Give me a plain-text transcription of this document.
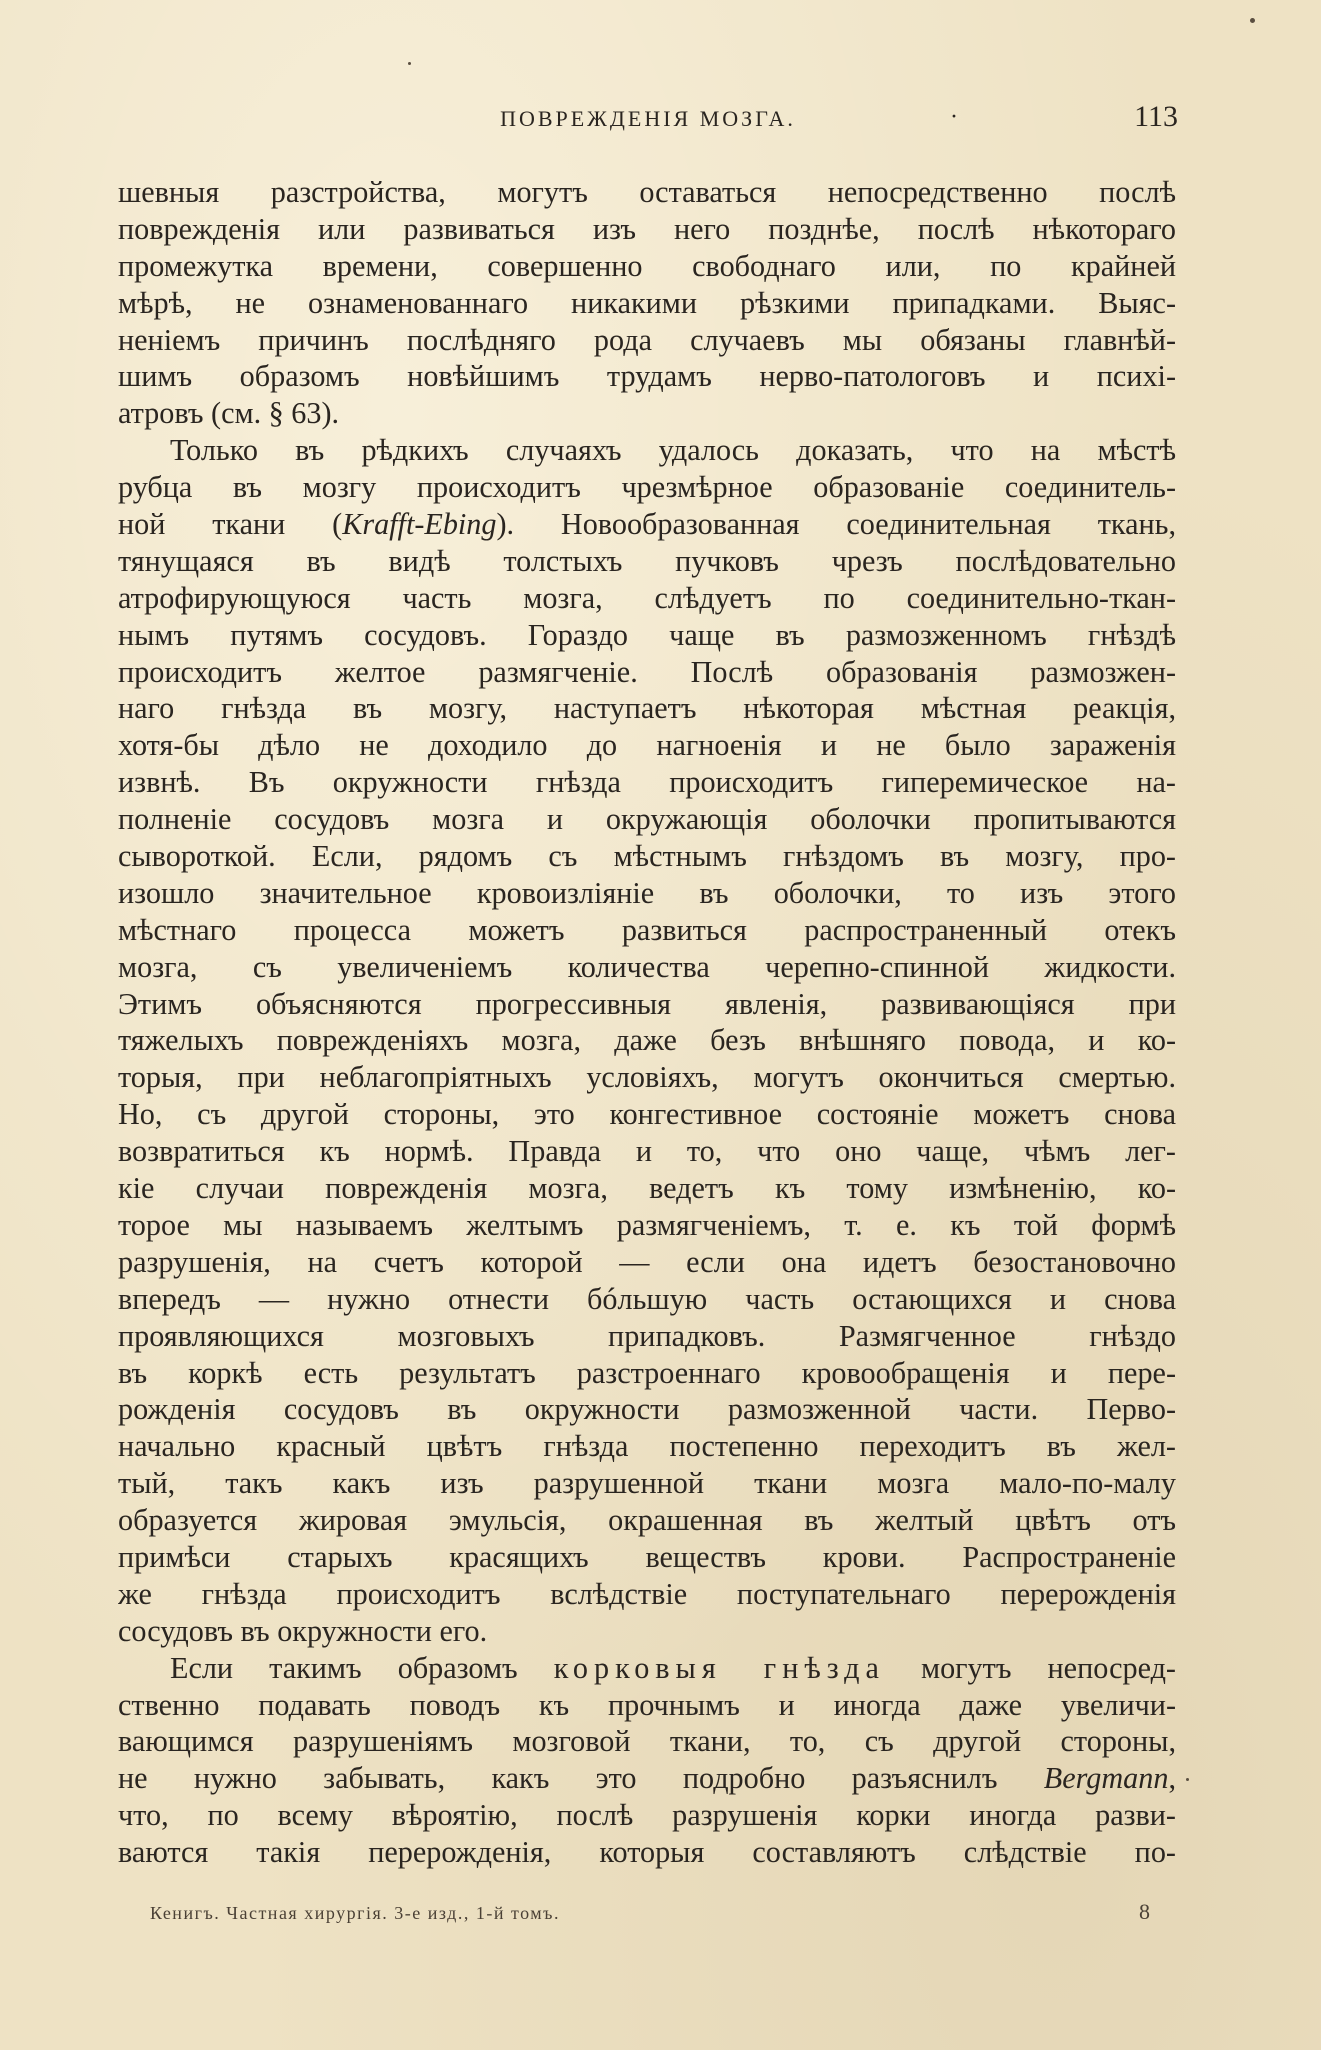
ПОВРЕЖДЕНІЯ МОЗГА.	·	113
шевныя разстройства, могутъ оставаться непосредственно послѣ
поврежденія или развиваться изъ него позднѣе, послѣ нѣкотораго
промежутка времени, совершенно свободнаго или, по крайней
мѣрѣ, не ознаменованнаго никакими рѣзкими припадками. Выяс-
неніемъ причинъ послѣдняго рода случаевъ мы обязаны главнѣй-
шимъ образомъ новѣйшимъ трудамъ нерво-патологовъ и психі-
атровъ (см. § 63).
Только въ рѣдкихъ случаяхъ удалось доказать, что на мѣстѣ
рубца въ мозгу происходитъ чрезмѣрное образованіе соединитель-
ной ткани (Krafft-Ebing). Новообразованная соединительная ткань,
тянущаяся въ видѣ толстыхъ пучковъ чрезъ послѣдовательно
атрофирующуюся часть мозга, слѣдуетъ по соединительно-ткан-
нымъ путямъ сосудовъ. Гораздо чаще въ размозженномъ гнѣздѣ
происходитъ желтое размягченіе. Послѣ образованія размозжен-
наго гнѣзда въ мозгу, наступаетъ нѣкоторая мѣстная реакція,
хотя-бы дѣло не доходило до нагноенія и не было зараженія
извнѣ. Въ окружности гнѣзда происходитъ гиперемическое на-
полненіе сосудовъ мозга и окружающія оболочки пропитываются
сывороткой. Если, рядомъ съ мѣстнымъ гнѣздомъ въ мозгу, про-
изошло значительное кровоизліяніе въ оболочки, то изъ этого
мѣстнаго процесса можетъ развиться распространенный отекъ
мозга, съ увеличеніемъ количества черепно-спинной жидкости.
Этимъ объясняются прогрессивныя явленія, развивающіяся при
тяжелыхъ поврежденіяхъ мозга, даже безъ внѣшняго повода, и ко-
торыя, при неблагопріятныхъ условіяхъ, могутъ окончиться смертью.
Но, съ другой стороны, это конгестивное состояніе можетъ снова
возвратиться къ нормѣ. Правда и то, что оно чаще, чѣмъ лег-
кіе случаи поврежденія мозга, ведетъ къ тому измѣненію, ко-
торое мы называемъ желтымъ размягченіемъ, т. е. къ той формѣ
разрушенія, на счетъ которой — если она идетъ безостановочно
впередъ — нужно отнести бóльшую часть остающихся и снова
проявляющихся мозговыхъ припадковъ. Размягченное гнѣздо
въ коркѣ есть результатъ разстроеннаго кровообращенія и пере-
рожденія сосудовъ въ окружности размозженной части. Перво-
начально красный цвѣтъ гнѣзда постепенно переходитъ въ жел-
тый, такъ какъ изъ разрушенной ткани мозга мало-по-малу
образуется жировая эмульсія, окрашенная въ желтый цвѣтъ отъ
примѣси старыхъ красящихъ веществъ крови. Распространеніе
же гнѣзда происходитъ вслѣдствіе поступательнаго перерожденія
сосудовъ въ окружности его.
Если такимъ образомъ корковыя гнѣзда могутъ непосред-
ственно подавать поводъ къ прочнымъ и иногда даже увеличи-
вающимся разрушеніямъ мозговой ткани, то, съ другой стороны,
не нужно забывать, какъ это подробно разъяснилъ Bergmann,
что, по всему вѣроятію, послѣ разрушенія корки иногда разви-
ваются такія перерожденія, которыя составляютъ слѣдствіе по-
Кенигъ. Частная хирургія. 3-е изд., 1-й томъ.	8
